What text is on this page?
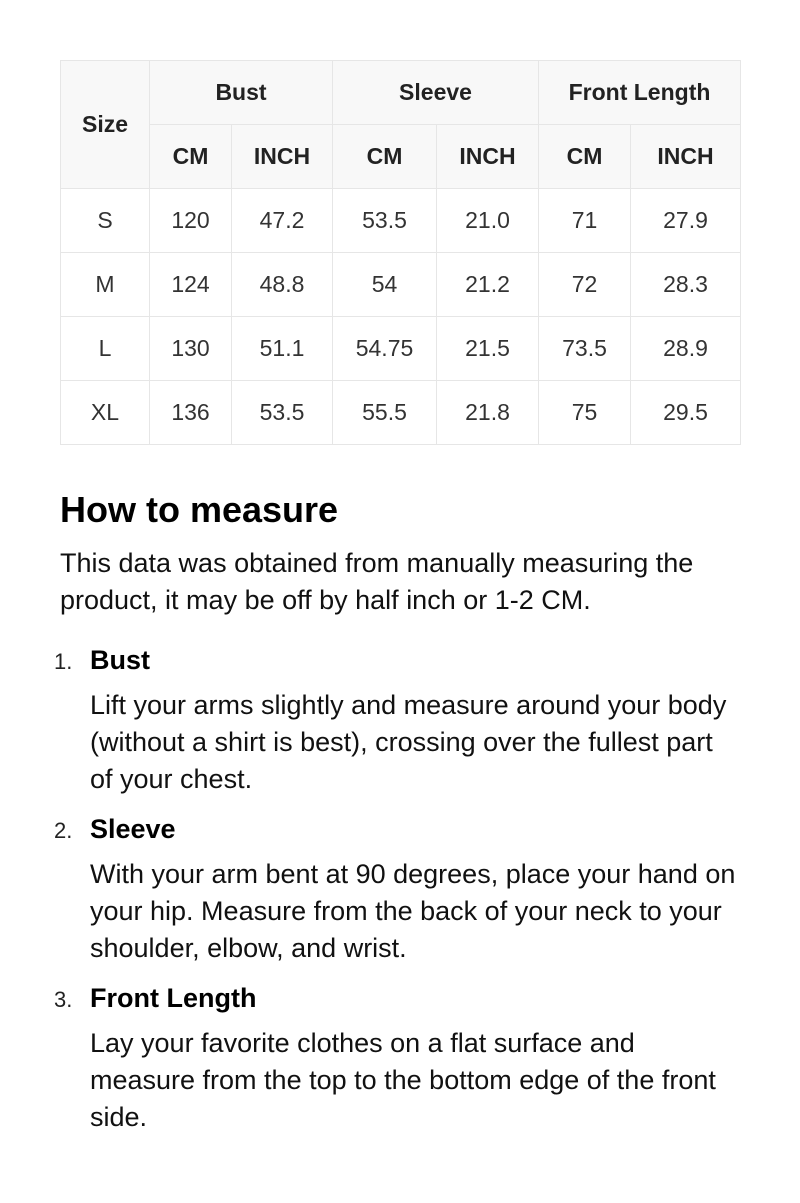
Size	Bust		Sleeve		Front Length	
	CM	INCH	CM	INCH	CM	INCH
S	120	47.2	53.5	21.0	71	27.9
M	124	48.8	54	21.2	72	28.3
L	130	51.1	54.75	21.5	73.5	28.9
XL	136	53.5	55.5	21.8	75	29.5
How to measure

This data was obtained from manually measuring the product, it may be off by half inch or 1-2 CM.

1. Bust
Lift your arms slightly and measure around your body (without a shirt is best), crossing over the fullest part of your chest.
2. Sleeve
With your arm bent at 90 degrees, place your hand on your hip. Measure from the back of your neck to your shoulder, elbow, and wrist.
3. Front Length
Lay your favorite clothes on a flat surface and measure from the top to the bottom edge of the front side.
